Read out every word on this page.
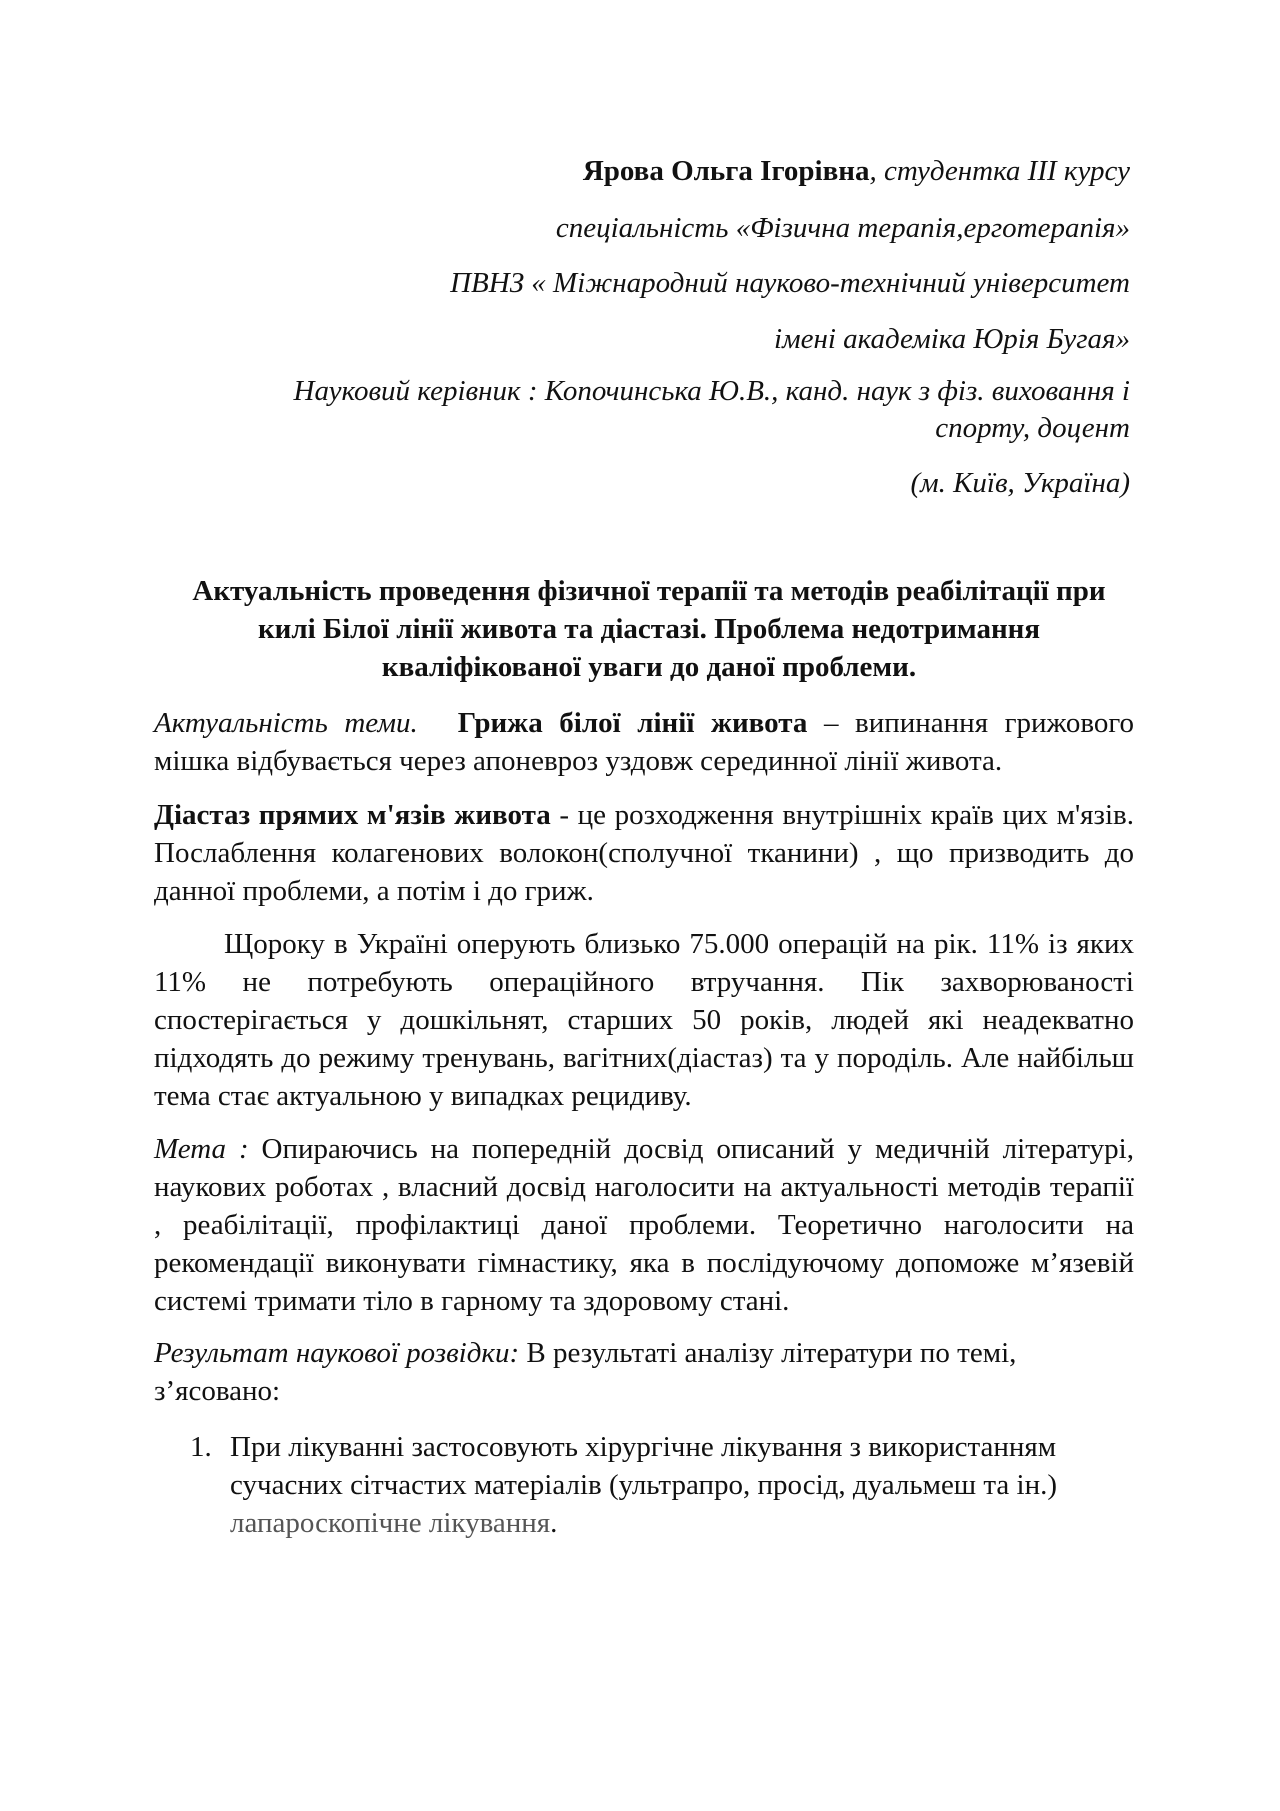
Ярова Ольга Ігорівна, студентка ІІІ курсу

спеціальність «Фізична терапія,ерготерапія»

ПВНЗ « Міжнародний науково-технічний університет

імені академіка Юрія Бугая»

Науковий керівник : Копочинська Ю.В., канд. наук з фіз. виховання і

спорту, доцент

(м. Київ, Україна)

Актуальність проведення фізичної терапії та методів реабілітації при
килі Білої лінії живота та діастазі. Проблема недотримання
кваліфікованої уваги до даної проблеми.

Актуальність теми. Грижа білої лінії живота – випинання грижового мішка відбувається через апоневроз уздовж серединної лінії живота.

Діастаз прямих м'язів живота - це розходження внутрішніх країв цих м'язів. Послаблення колагенових волокон(сполучної тканини) , що призводить до данної проблеми, а потім і до гриж.

Щороку в Україні оперують близько 75.000 операцій на рік. 11% із яких 11% не потребують операційного втручання. Пік захворюваності спостерігається у дошкільнят, старших 50 років, людей які неадекватно підходять до режиму тренувань, вагітних(діастаз) та у породіль. Але найбільш тема стає актуальною у випадках рецидиву.

Мета : Опираючись на попередній досвід описаний у медичній літературі, наукових роботах , власний досвід наголосити на актуальності методів терапії , реабілітації, профілактиці даної проблеми. Теоретично наголосити на рекомендації виконувати гімнастику, яка в послідуючому допоможе м’язевій системі тримати тіло в гарному та здоровому стані.

Результат наукової розвідки: В результаті аналізу літератури по темі, з’ясовано:

1. При лікуванні застосовують хірургічне лікування з використанням сучасних сітчастих матеріалів (ультрапро, просід, дуальмеш та ін.) лапароскопічне лікування.
